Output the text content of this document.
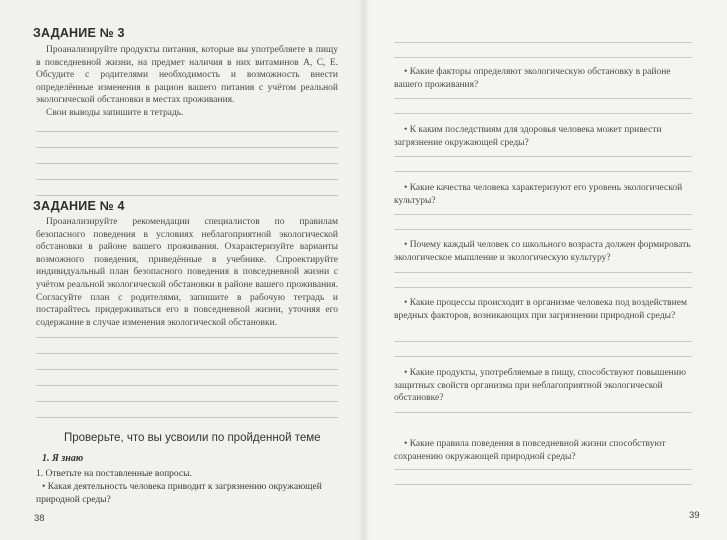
ЗАДАНИЕ № 3

Проанализируйте продукты питания, которые вы употребляете в пищу в повседневной жизни, на предмет наличия в них витаминов А, С, Е. Обсудите с родителями необходимость и возможность внести определённые изменения в рацион вашего питания с учётом реальной экологической обстановки в местах проживания.

Свои выводы запишите в тетрадь.

ЗАДАНИЕ № 4

Проанализируйте рекомендации специалистов по правилам безопасного поведения в условиях неблагоприятной экологической обстановки в районе вашего проживания. Охарактеризуйте варианты возможного поведения, приведённые в учебнике. Спроектируйте индивидуальный план безопасного поведения в повседневной жизни с учётом реальной экологической обстановки в районе вашего проживания. Согласуйте план с родителями, запишите в рабочую тетрадь и постарайтесь придерживаться его в повседневной жизни, уточняя его содержание в случае изменения экологической обстановки.

Проверьте, что вы усвоили по пройденной теме
1. Я знаю

1. Ответьте на поставленные вопросы.

• Какая деятельность человека приводит к загрязнению окружающей природной среды?

38

• Какие факторы определяют экологическую обстановку в районе вашего проживания?

• К каким последствиям для здоровья человека может привести загрязнение окружающей среды?

• Какие качества человека характеризуют его уровень экологической культуры?

• Почему каждый человек со школьного возраста должен формировать экологическое мышление и экологическую культуру?

• Какие процессы происходят в организме человека под воздействием вредных факторов, возникающих при загрязнении природной среды?

• Какие продукты, употребляемые в пищу, способствуют повышению защитных свойств организма при неблагоприятной экологической обстановке?

• Какие правила поведения в повседневной жизни способствуют сохранению окружающей природной среды?

39
